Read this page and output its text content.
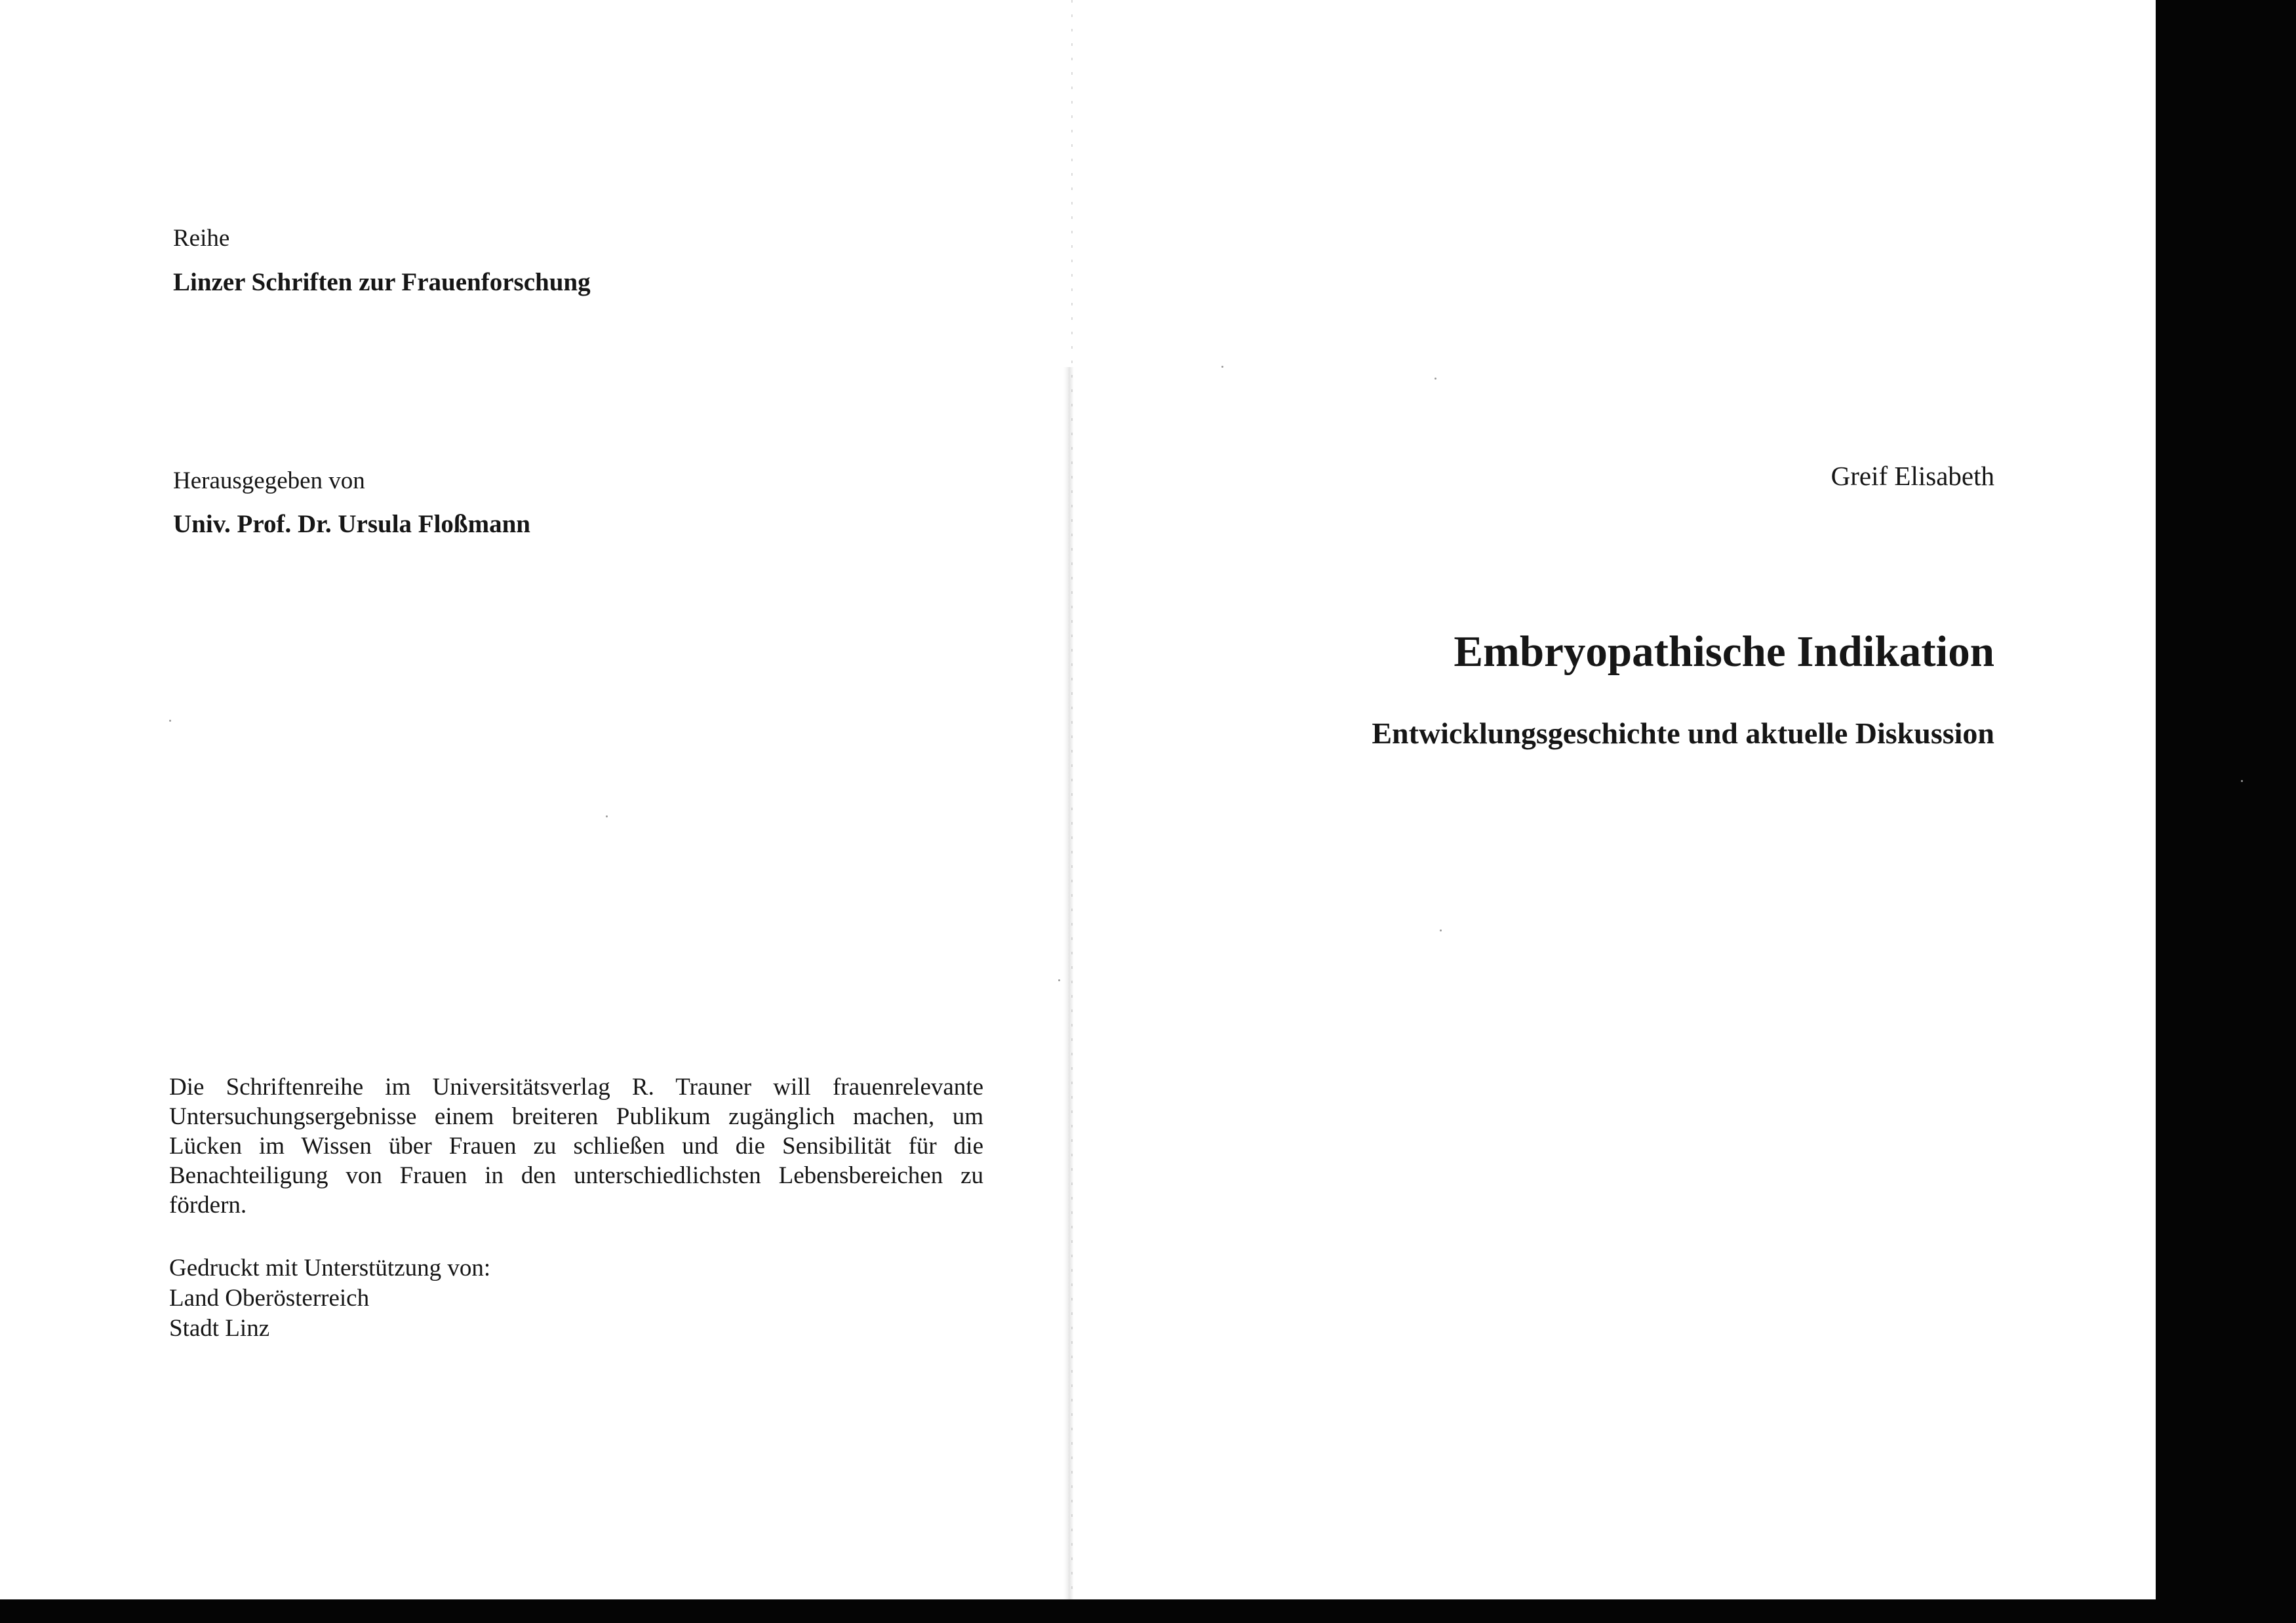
Reihe

Linzer Schriften zur Frauenforschung

Herausgegeben von

Univ. Prof. Dr. Ursula Floßmann

Die Schriftenreihe im Universitätsverlag R. Trauner will frauenrelevante Untersuchungsergebnisse einem breiteren Publikum zugänglich machen, um Lücken im Wissen über Frauen zu schließen und die Sensibilität für die Benachteiligung von Frauen in den unterschiedlichsten Lebensbereichen zu fördern.

Gedruckt mit Unterstützung von:
Land Oberösterreich
Stadt Linz

Greif Elisabeth

Embryopathische Indikation

Entwicklungsgeschichte und aktuelle Diskussion
